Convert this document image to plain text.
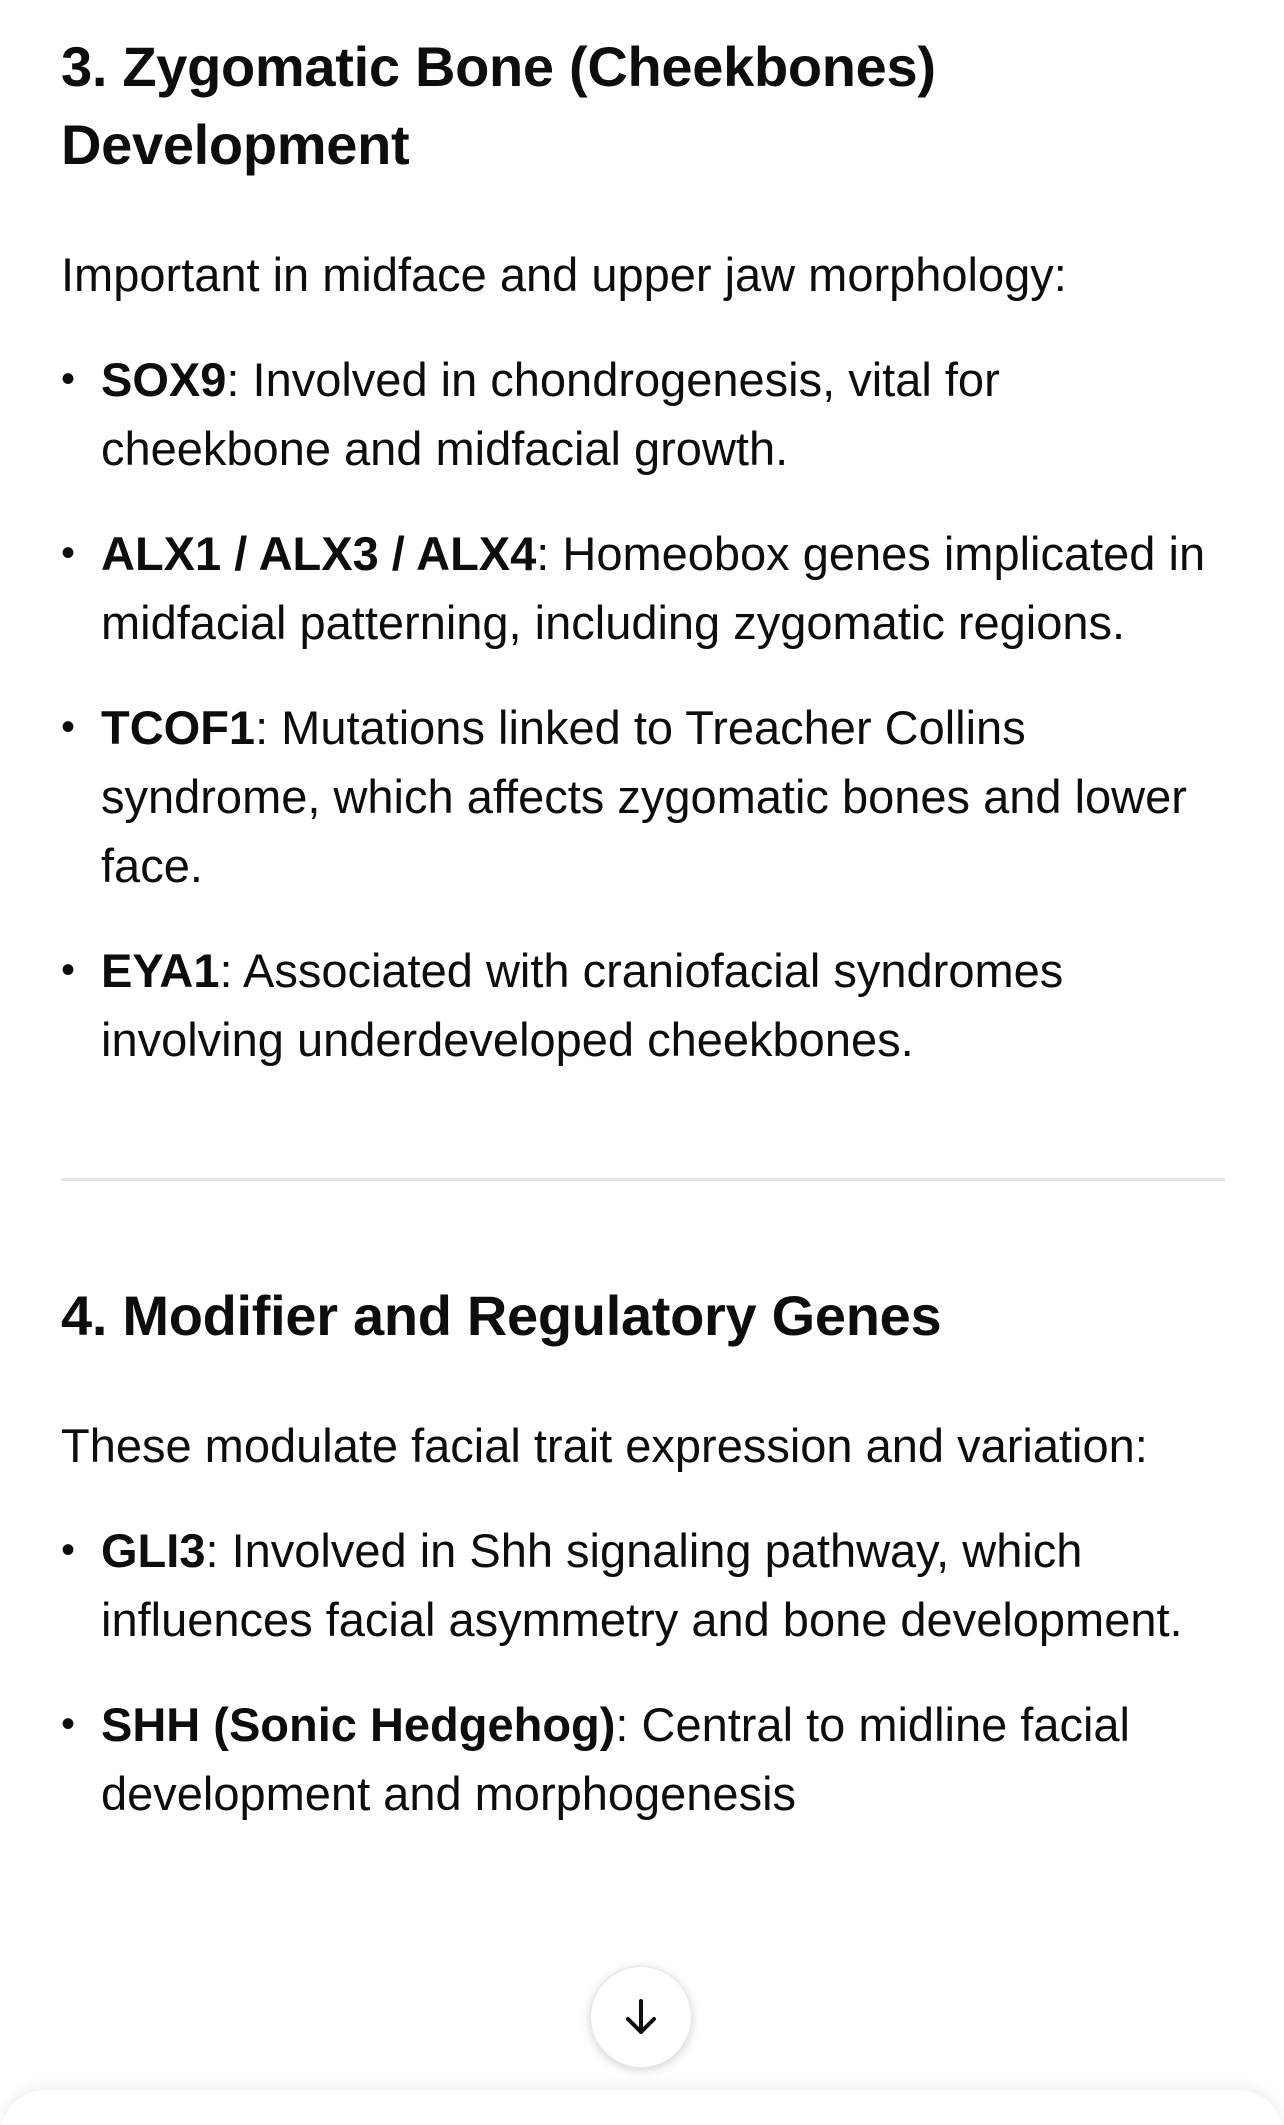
3. Zygomatic Bone (Cheekbones) Development

Important in midface and upper jaw morphology:

• SOX9: Involved in chondrogenesis, vital for cheekbone and midfacial growth.
• ALX1 / ALX3 / ALX4: Homeobox genes implicated in midfacial patterning, including zygomatic regions.
• TCOF1: Mutations linked to Treacher Collins syndrome, which affects zygomatic bones and lower face.
• EYA1: Associated with craniofacial syndromes involving underdeveloped cheekbones.
4. Modifier and Regulatory Genes

These modulate facial trait expression and variation:

• GLI3: Involved in Shh signaling pathway, which influences facial asymmetry and bone development.
• SHH (Sonic Hedgehog): Central to midline facial development and morphogenesis
